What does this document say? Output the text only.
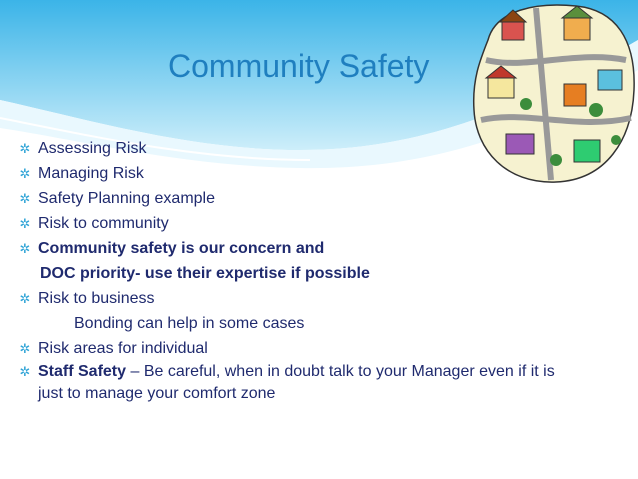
Community Safety
✲ Assessing Risk
✲ Managing Risk
✲ Safety Planning example
✲ Risk to community
✲ Community safety is our concern and
DOC priority- use their expertise if possible
✲ Risk to business
Bonding can help in some cases
✲ Risk areas for individual
✲ Staff Safety – Be careful, when in doubt talk to your Manager even if it is just to manage your comfort zone
